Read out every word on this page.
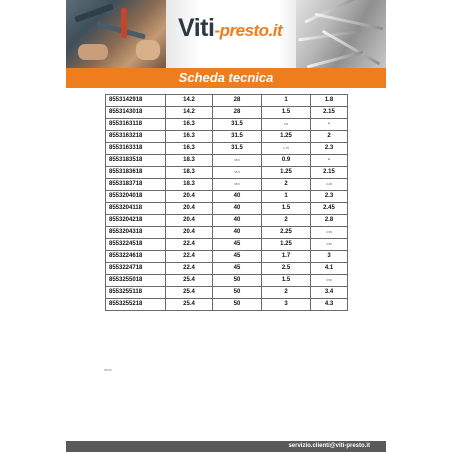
Viti-presto.it
Scheda tecnica
8553142918	14.2	28	1	1.8
8553143018	14.2	28	1.5	2.15
8553163118	16.3	31.5	0.8	-
8553163218	16.3	31.5	1.25	2
8553163318	16.3	31.5	1.75	2.3
8553183518	18.3	35.5	0.9	-
8553183618	18.3	35.5	1.25	2.15
8553183718	18.3	35.5	2	2.40
8553204018	20.4	40	1	2.3
8553204118	20.4	40	1.5	2.45
8553204218	20.4	40	2	2.8
8553204318	20.4	40	2.25	2.95
8553224518	22.4	45	1.25	2.85
8553224618	22.4	45	1.7	3
8553224718	22.4	45	2.5	4.1
8553255018	25.4	50	1.5	3.50
8553255118	25.4	50	2	3.4
8553255218	25.4	50	3	4.3
02/05
servizio.clienti@viti-presto.it
